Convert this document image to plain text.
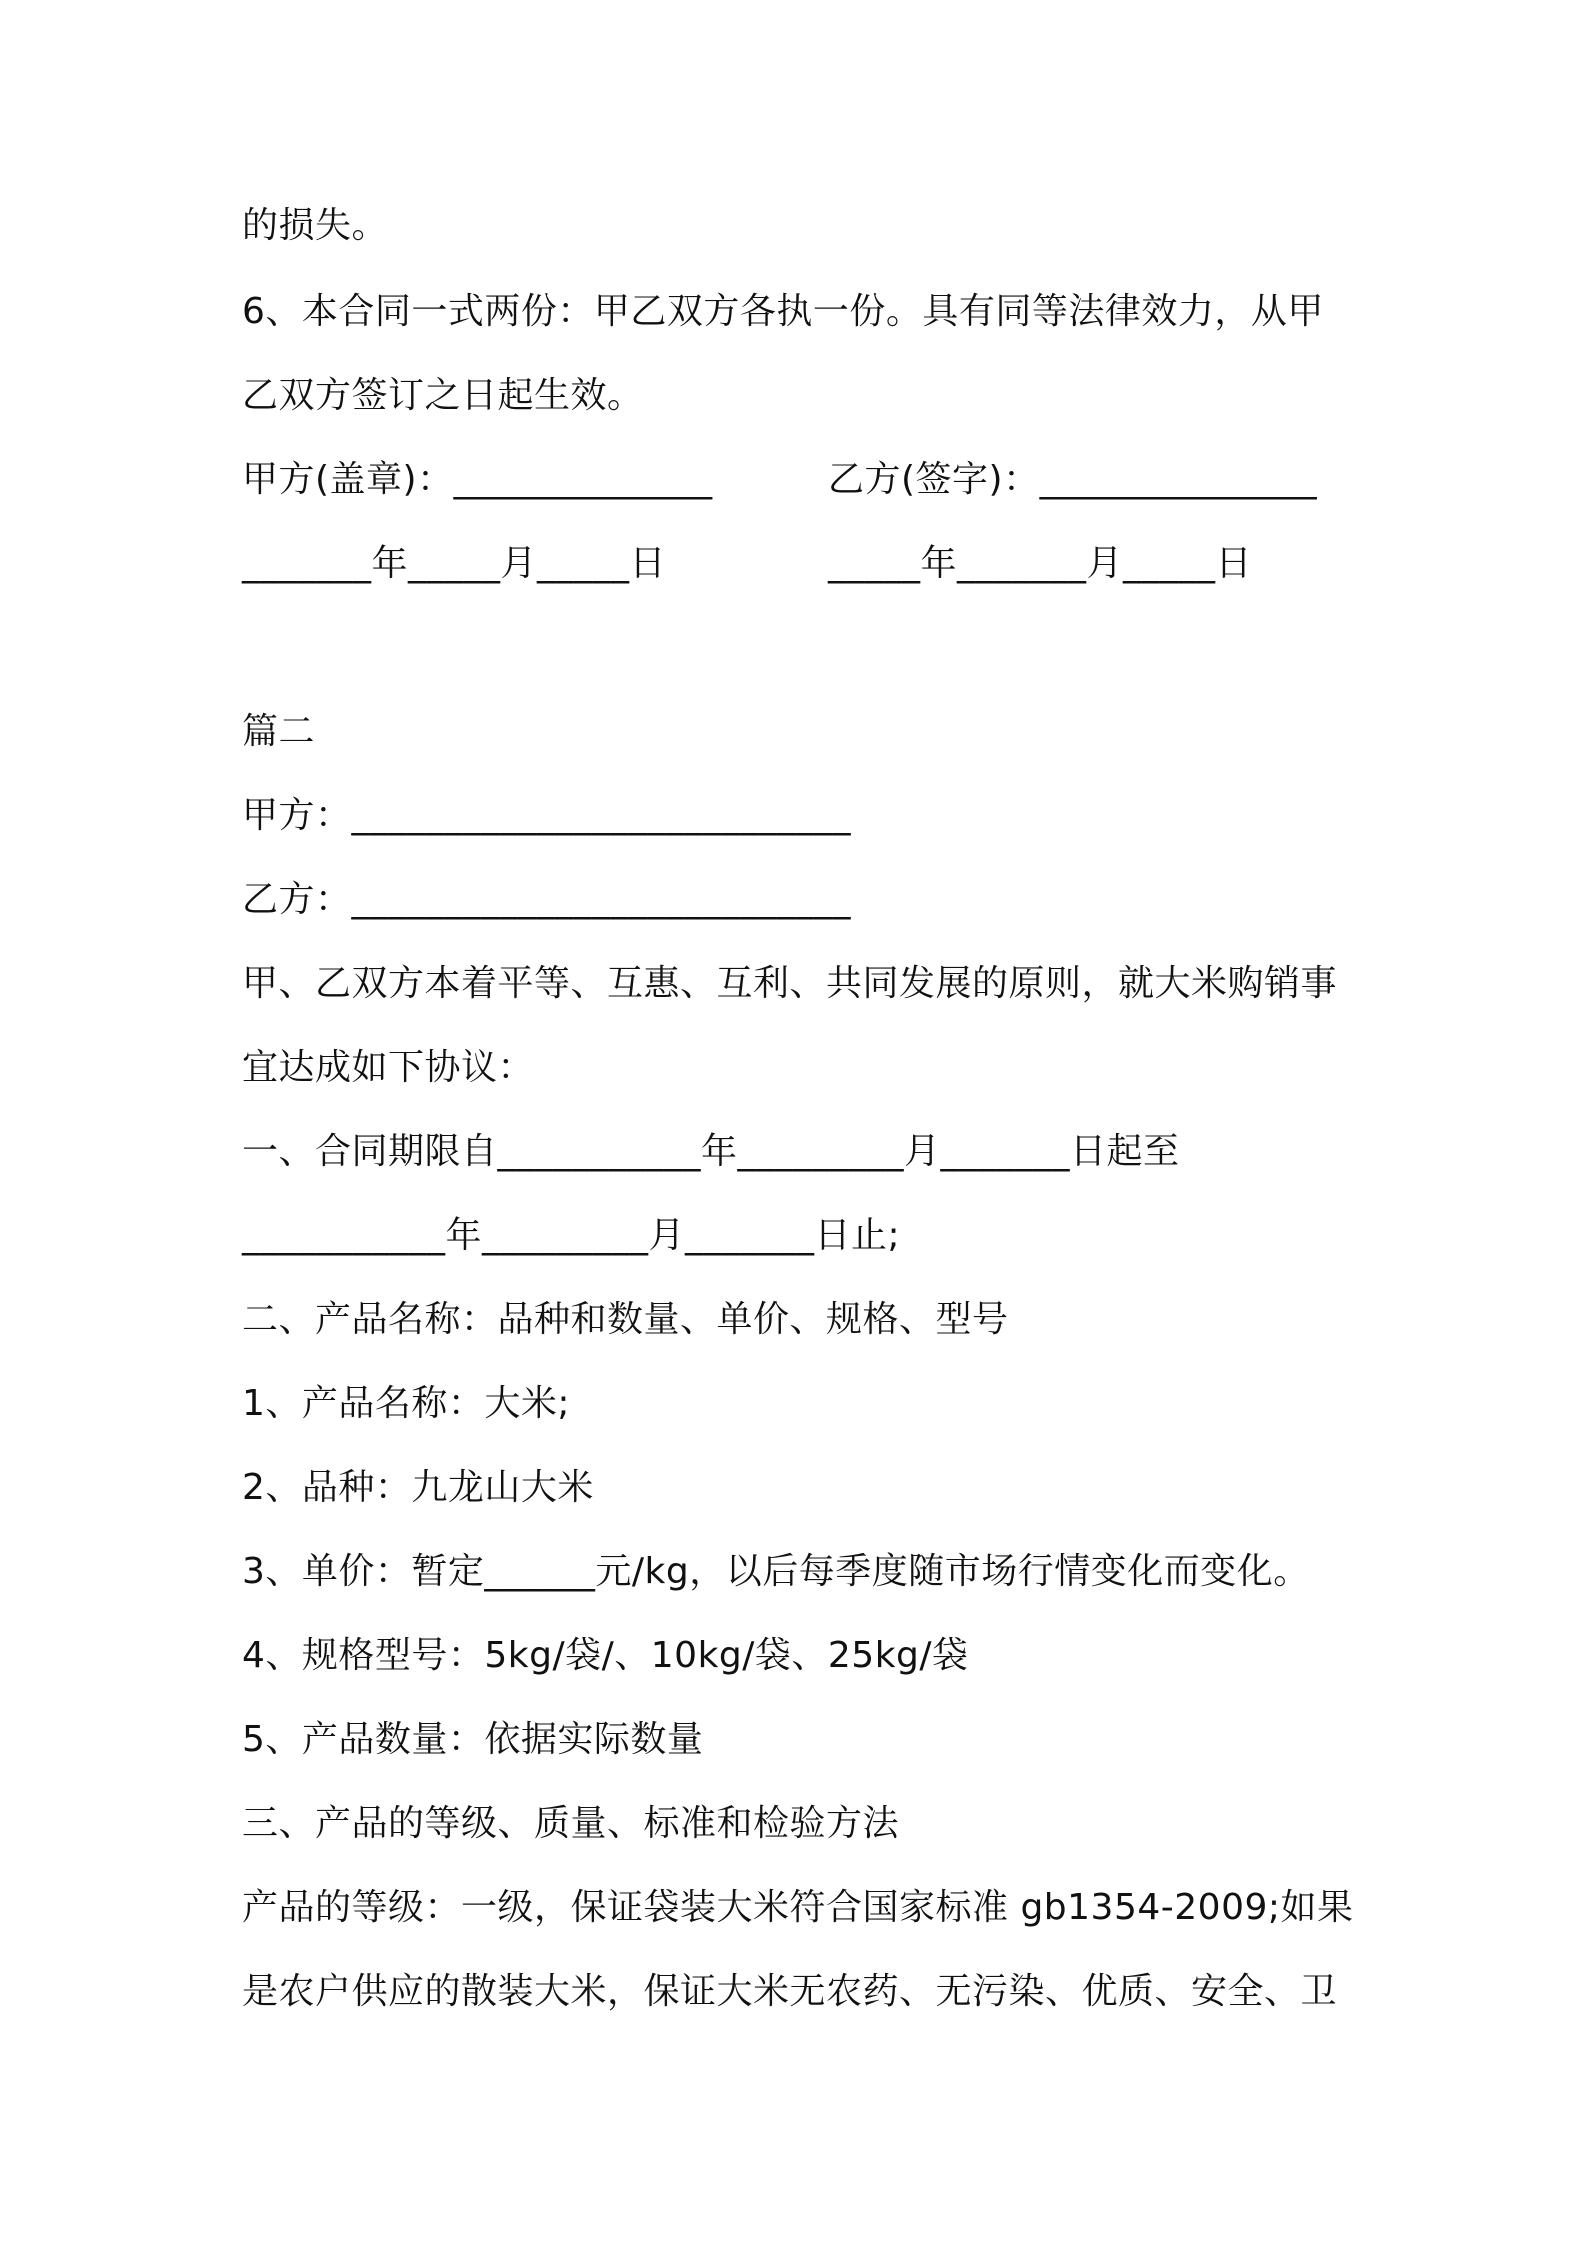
的损失。
6、本合同一式两份：甲乙双方各执一份。具有同等法律效力，从甲
乙双方签订之日起生效。
甲方(盖章)：______________	乙方(签字)：_______________
_______年_____月_____日	_____年_______月_____日
篇二
甲方：___________________________
乙方：___________________________
甲、乙双方本着平等、互惠、互利、共同发展的原则，就大米购销事
宜达成如下协议：
一、合同期限自___________年_________月_______日起至
___________年_________月_______日止;
二、产品名称：品种和数量、单价、规格、型号
1、产品名称：大米;
2、品种：九龙山大米
3、单价：暂定______元/kg，以后每季度随市场行情变化而变化。
4、规格型号：5kg/袋/、10kg/袋、25kg/袋
5、产品数量：依据实际数量
三、产品的等级、质量、标准和检验方法
产品的等级：一级，保证袋装大米符合国家标准 gb1354-2009;如果
是农户供应的散装大米，保证大米无农药、无污染、优质、安全、卫
